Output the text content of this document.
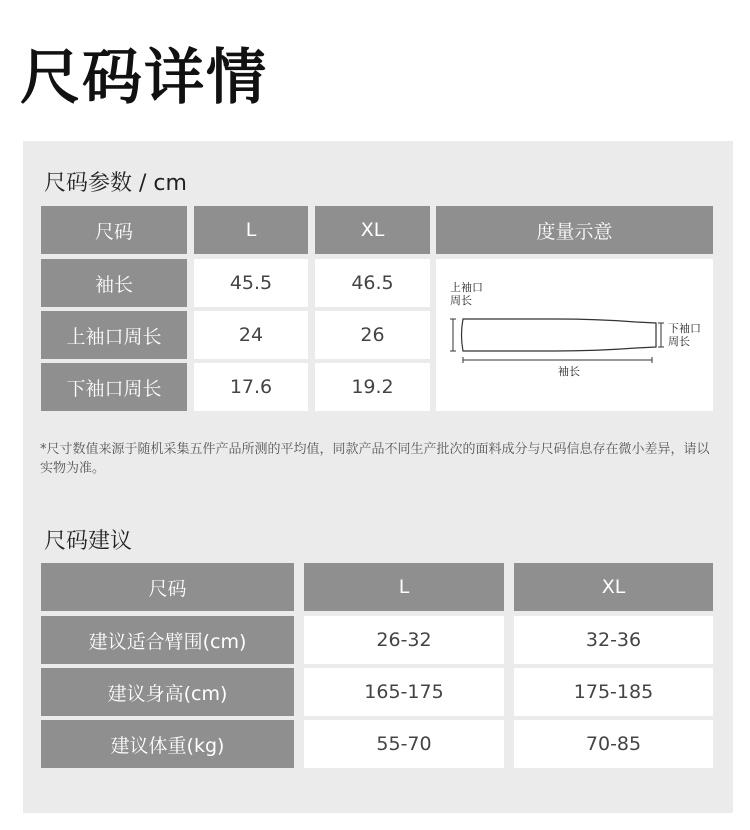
尺码详情
尺码参数 / cm
尺码	L	XL	度量示意
袖长	45.5	46.5
上袖口周长	24	26
下袖口周长	17.6	19.2
上袖口
周长
下袖口
周长
袖长
*尺寸数值来源于随机采集五件产品所测的平均值，同款产品不同生产批次的面料成分与尺码信息存在微小差异，请以实物为准。
尺码建议
尺码	L	XL
建议适合臂围(cm)	26-32	32-36
建议身高(cm)	165-175	175-185
建议体重(kg)	55-70	70-85
